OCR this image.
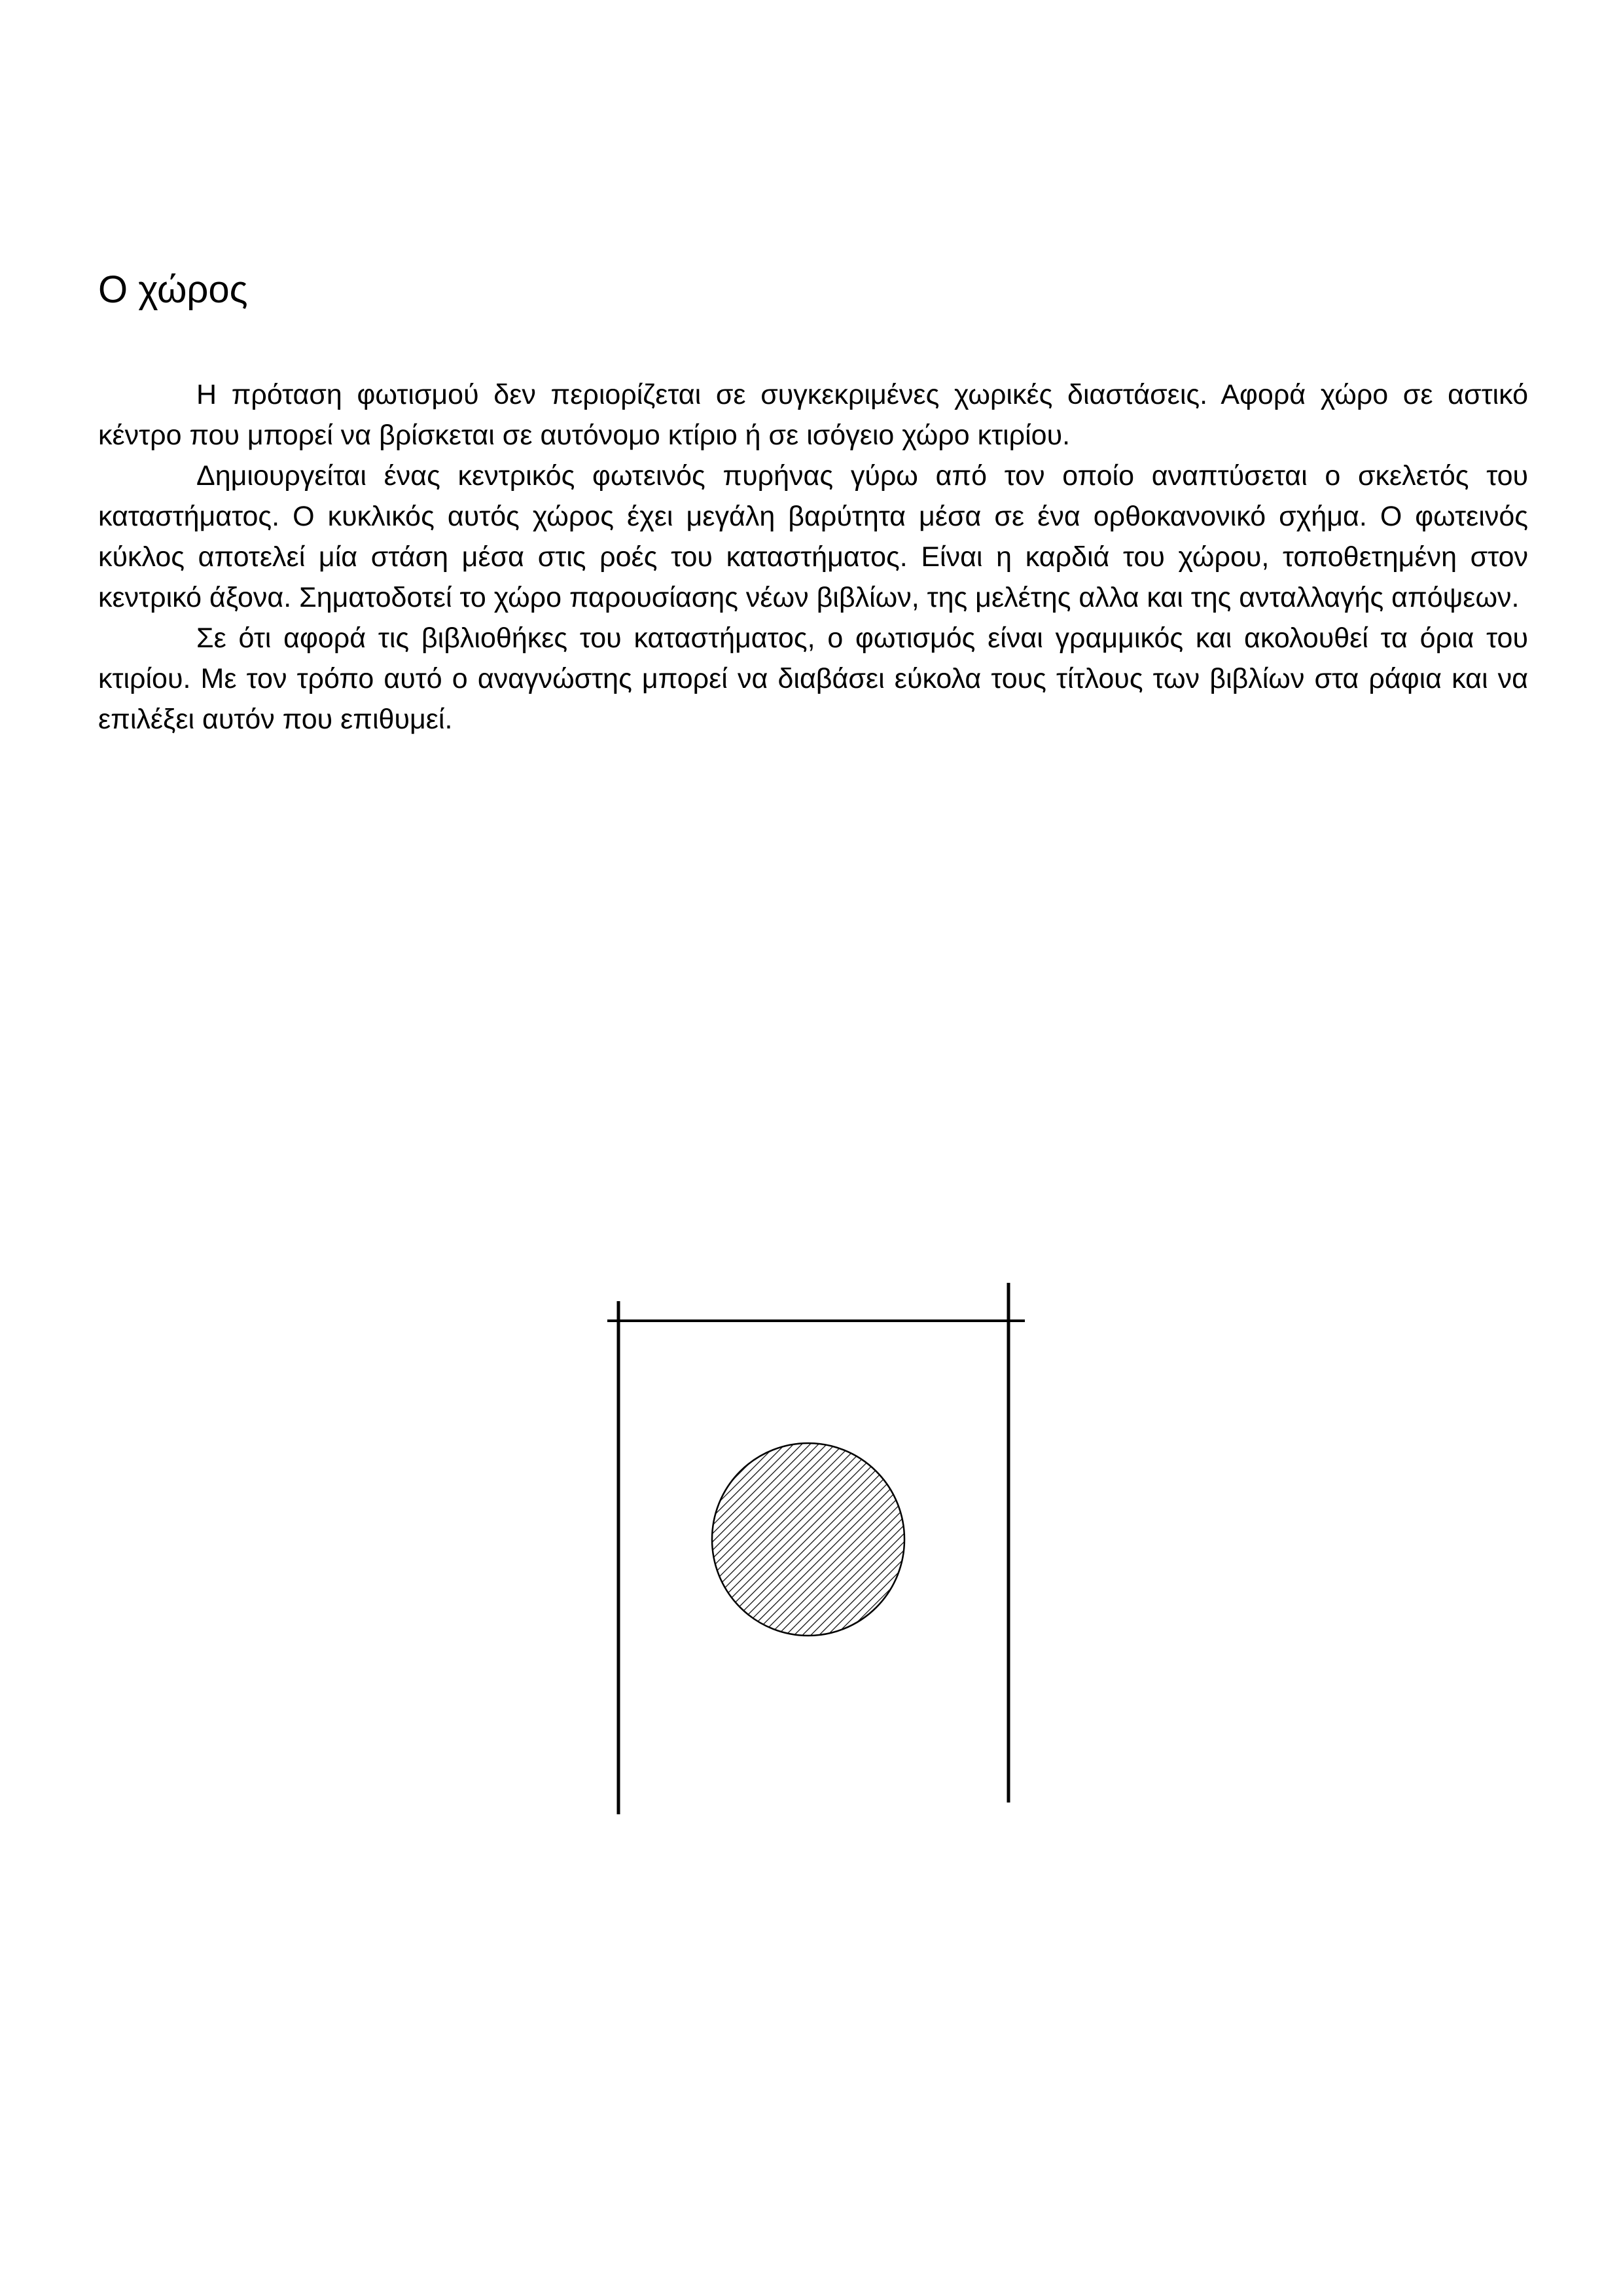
Ο χώρος

Η πρόταση φωτισμού δεν περιορίζεται σε συγκεκριμένες χωρικές διαστάσεις. Αφορά χώρο σε αστικό κέντρο που μπορεί να βρίσκεται σε αυτόνομο κτίριο ή σε ισόγειο χώρο κτιρίου.

Δημιουργείται ένας κεντρικός φωτεινός πυρήνας γύρω από τον οποίο αναπτύσεται ο σκελετός του καταστήματος. Ο κυκλικός αυτός χώρος έχει μεγάλη βαρύτητα μέσα σε ένα ορθοκανονικό σχήμα. Ο φωτεινός κύκλος αποτελεί μία στάση μέσα στις ροές του καταστήματος. Είναι η καρδιά του χώρου, τοποθετημένη στον κεντρικό άξονα. Σηματοδοτεί το χώρο παρουσίασης νέων βιβλίων, της μελέτης αλλα και της ανταλλαγής απόψεων.

Σε ότι αφορά τις βιβλιοθήκες του καταστήματος, ο φωτισμός είναι γραμμικός και ακολουθεί τα όρια του κτιρίου. Με τον τρόπο αυτό ο αναγνώστης μπορεί να διαβάσει εύκολα τους τίτλους των βιβλίων στα ράφια και να επιλέξει αυτόν που επιθυμεί.
